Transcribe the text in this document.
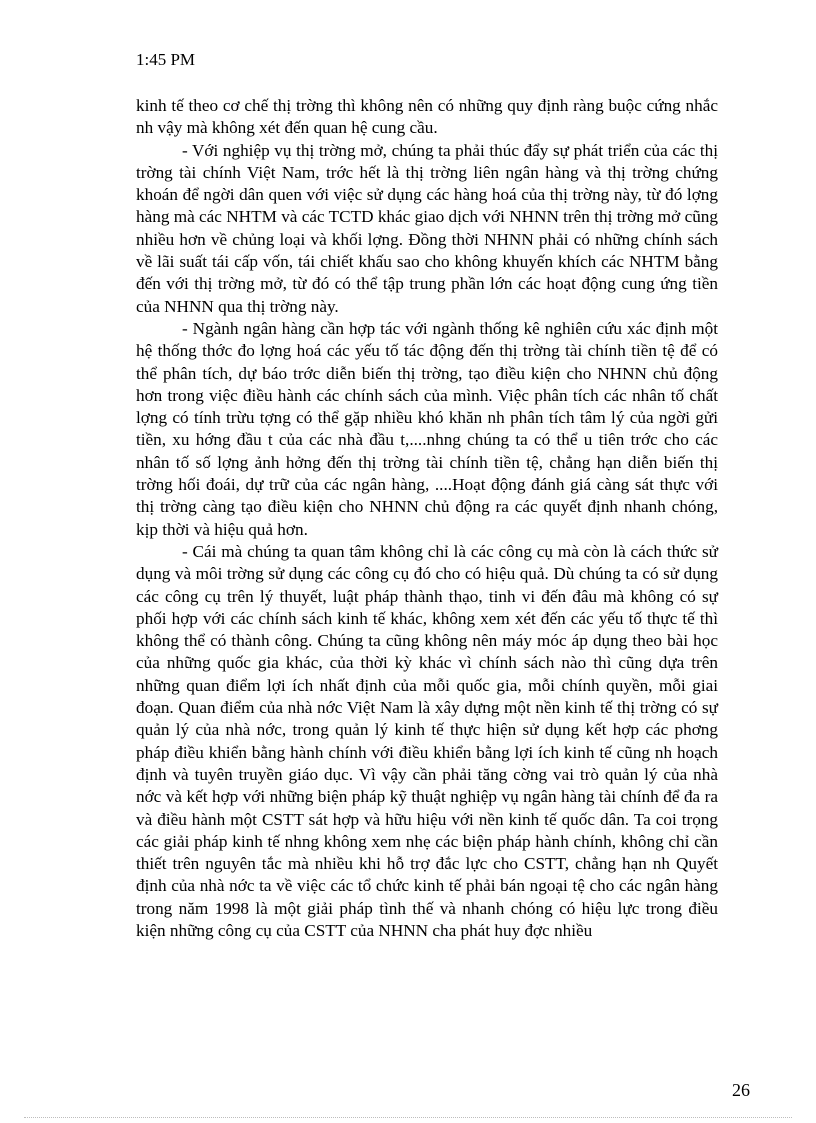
1:45 PM

kinh tế theo cơ chế thị trờng thì không nên có những quy định ràng buộc cứng nhắc nh vậy mà không xét đến quan hệ cung cầu.

- Với nghiệp vụ thị trờng mở, chúng ta phải thúc đẩy sự phát triển của các thị trờng tài chính Việt Nam, trớc hết là thị trờng liên ngân hàng và thị trờng chứng khoán để ngời dân quen với việc sử dụng các hàng hoá của thị trờng này, từ đó lợng hàng mà các NHTM và các TCTD khác giao dịch với NHNN trên thị trờng mở cũng nhiều hơn về chủng loại và khối lợng. Đồng thời NHNN phải có những chính sách về lãi suất tái cấp vốn, tái chiết khấu sao cho không khuyến khích các NHTM bằng đến với thị trờng mở, từ đó có thể tập trung phần lớn các hoạt động cung ứng tiền của NHNN qua thị trờng này.

- Ngành ngân hàng cần hợp tác với ngành thống kê nghiên cứu xác định một hệ thống thớc đo lợng hoá các yếu tố tác động đến thị trờng tài chính tiền tệ để có thể phân tích, dự báo trớc diễn biến thị trờng, tạo điều kiện cho NHNN chủ động hơn trong việc điều hành các chính sách của mình. Việc phân tích các nhân tố chất lợng có tính trừu tợng có thể gặp nhiều khó khăn nh phân tích tâm lý của ngời gửi tiền, xu hớng đầu t của các nhà đầu t,....nhng chúng ta có thể u tiên trớc cho các nhân tố số lợng ảnh hởng đến thị trờng tài chính tiền tệ, chẳng hạn diễn biến thị trờng hối đoái, dự trữ của các ngân hàng, ....Hoạt động đánh giá càng sát thực với thị trờng càng tạo điều kiện cho NHNN chủ động ra các quyết định nhanh chóng, kịp thời và hiệu quả hơn.

- Cái mà chúng ta quan tâm không chỉ là các công cụ mà còn là cách thức sử dụng và môi trờng sử dụng các công cụ đó cho có hiệu quả. Dù chúng ta có sử dụng các công cụ trên lý thuyết, luật pháp thành thạo, tinh vi đến đâu mà không có sự phối hợp với các chính sách kinh tế khác, không xem xét đến các yếu tố thực tế thì không thể có thành công. Chúng ta cũng không nên máy móc áp dụng theo bài học của những quốc gia khác, của thời kỳ khác vì chính sách nào thì cũng dựa trên những quan điểm lợi ích nhất định của mỗi quốc gia, mỗi chính quyền, mỗi giai đoạn. Quan điểm của nhà nớc Việt Nam là xây dựng một nền kinh tế thị trờng có sự quản lý của nhà nớc, trong quản lý kinh tế thực hiện sử dụng kết hợp các phơng pháp điều khiển bằng hành chính với điều khiển bằng lợi ích kinh tế cũng nh hoạch định và tuyên truyền giáo dục. Vì vậy cần phải tăng cờng vai trò quản lý của nhà nớc và kết hợp với những biện pháp kỹ thuật nghiệp vụ ngân hàng tài chính để đa ra và điều hành một CSTT sát hợp và hữu hiệu với nền kinh tế quốc dân. Ta coi trọng các giải pháp kinh tế nhng không xem nhẹ các biện pháp hành chính, không chỉ cần thiết trên nguyên tắc mà nhiều khi hỗ trợ đắc lực cho CSTT, chẳng hạn nh Quyết định của nhà nớc ta về việc các tổ chức kinh tế phải bán ngoại tệ cho các ngân hàng trong năm 1998 là một giải pháp tình thế và nhanh chóng có hiệu lực trong điều kiện những công cụ của CSTT của NHNN cha phát huy đợc nhiều

26
